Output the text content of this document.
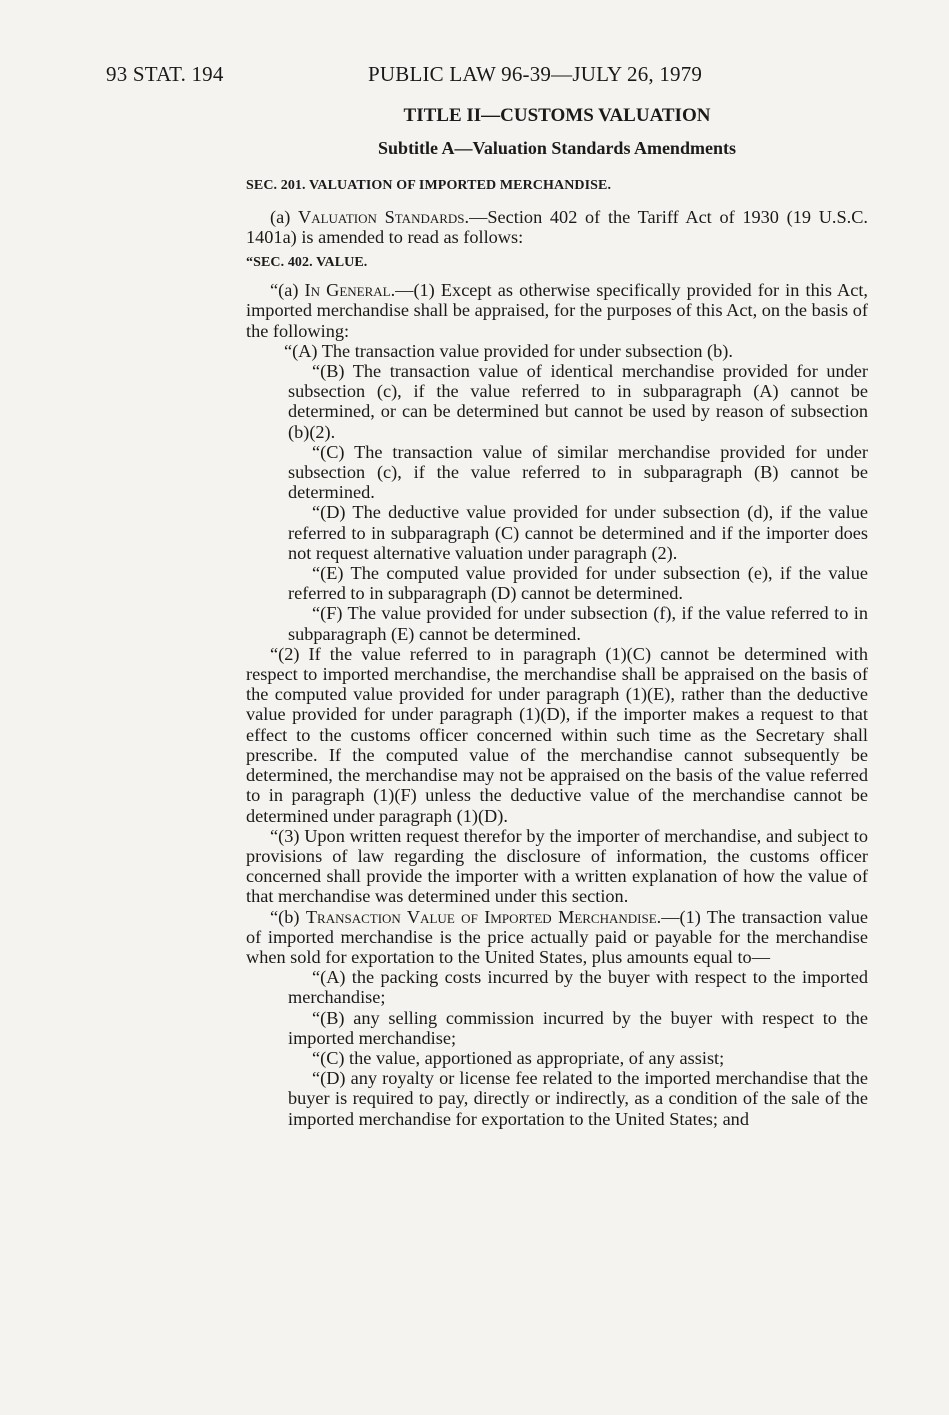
93 STAT. 194	PUBLIC LAW 96-39—JULY 26, 1979
TITLE II—CUSTOMS VALUATION
Subtitle A—Valuation Standards Amendments
SEC. 201. VALUATION OF IMPORTED MERCHANDISE.

(a) Valuation Standards.—Section 402 of the Tariff Act of 1930 (19 U.S.C. 1401a) is amended to read as follows:

“SEC. 402. VALUE.

“(a) In General.—(1) Except as otherwise specifically provided for in this Act, imported merchandise shall be appraised, for the purposes of this Act, on the basis of the following:

“(A) The transaction value provided for under subsection (b).

“(B) The transaction value of identical merchandise provided for under subsection (c), if the value referred to in subparagraph (A) cannot be determined, or can be determined but cannot be used by reason of subsection (b)(2).

“(C) The transaction value of similar merchandise provided for under subsection (c), if the value referred to in subparagraph (B) cannot be determined.

“(D) The deductive value provided for under subsection (d), if the value referred to in subparagraph (C) cannot be determined and if the importer does not request alternative valuation under paragraph (2).

“(E) The computed value provided for under subsection (e), if the value referred to in subparagraph (D) cannot be determined.

“(F) The value provided for under subsection (f), if the value referred to in subparagraph (E) cannot be determined.

“(2) If the value referred to in paragraph (1)(C) cannot be determined with respect to imported merchandise, the merchandise shall be appraised on the basis of the computed value provided for under paragraph (1)(E), rather than the deductive value provided for under paragraph (1)(D), if the importer makes a request to that effect to the customs officer concerned within such time as the Secretary shall prescribe. If the computed value of the merchandise cannot subsequently be determined, the merchandise may not be appraised on the basis of the value referred to in paragraph (1)(F) unless the deductive value of the merchandise cannot be determined under paragraph (1)(D).

“(3) Upon written request therefor by the importer of merchandise, and subject to provisions of law regarding the disclosure of information, the customs officer concerned shall provide the importer with a written explanation of how the value of that merchandise was determined under this section.

“(b) Transaction Value of Imported Merchandise.—(1) The transaction value of imported merchandise is the price actually paid or payable for the merchandise when sold for exportation to the United States, plus amounts equal to—

“(A) the packing costs incurred by the buyer with respect to the imported merchandise;

“(B) any selling commission incurred by the buyer with respect to the imported merchandise;

“(C) the value, apportioned as appropriate, of any assist;

“(D) any royalty or license fee related to the imported merchandise that the buyer is required to pay, directly or indirectly, as a condition of the sale of the imported merchandise for exportation to the United States; and
